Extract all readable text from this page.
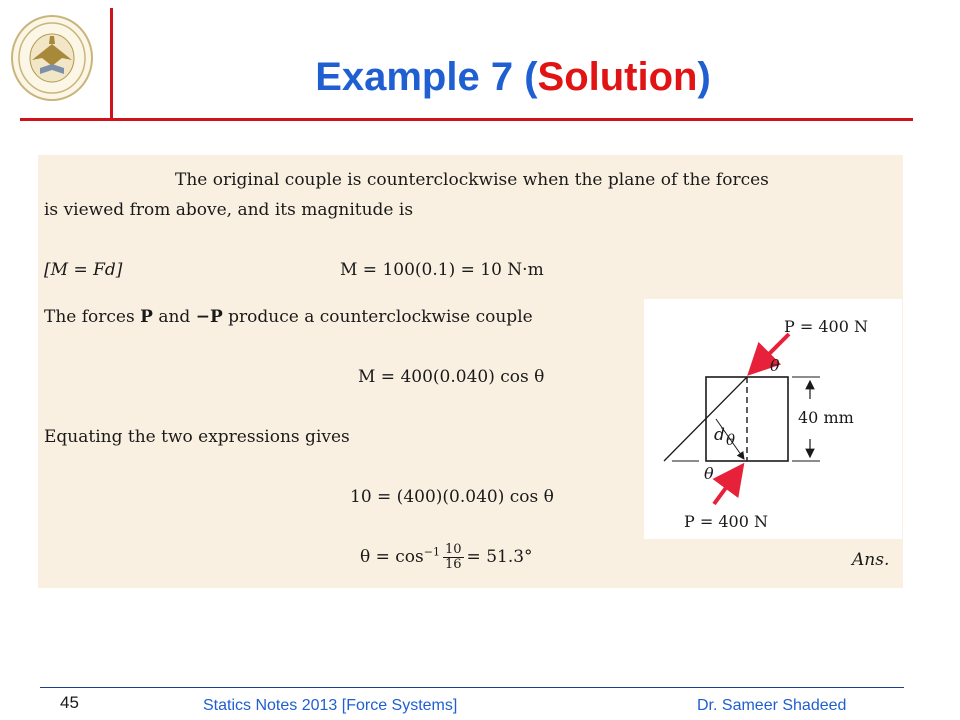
Example 7 (Solution)
The original couple is counterclockwise when the plane of the forces
is viewed from above, and its magnitude is
[M = Fd]	M = 100(0.1) = 10 N·m
The forces P and −P produce a counterclockwise couple
M = 400(0.040) cos θ
Equating the two expressions gives
10 = (400)(0.040) cos θ
$\theta = \cos^{-1} \frac{10}{16} = 51.3^\circ$	Ans.
P = 400 N
θ
40 mm
d θ
θ
P = 400 N
45	Statics Notes 2013 [Force Systems]	Dr. Sameer Shadeed
